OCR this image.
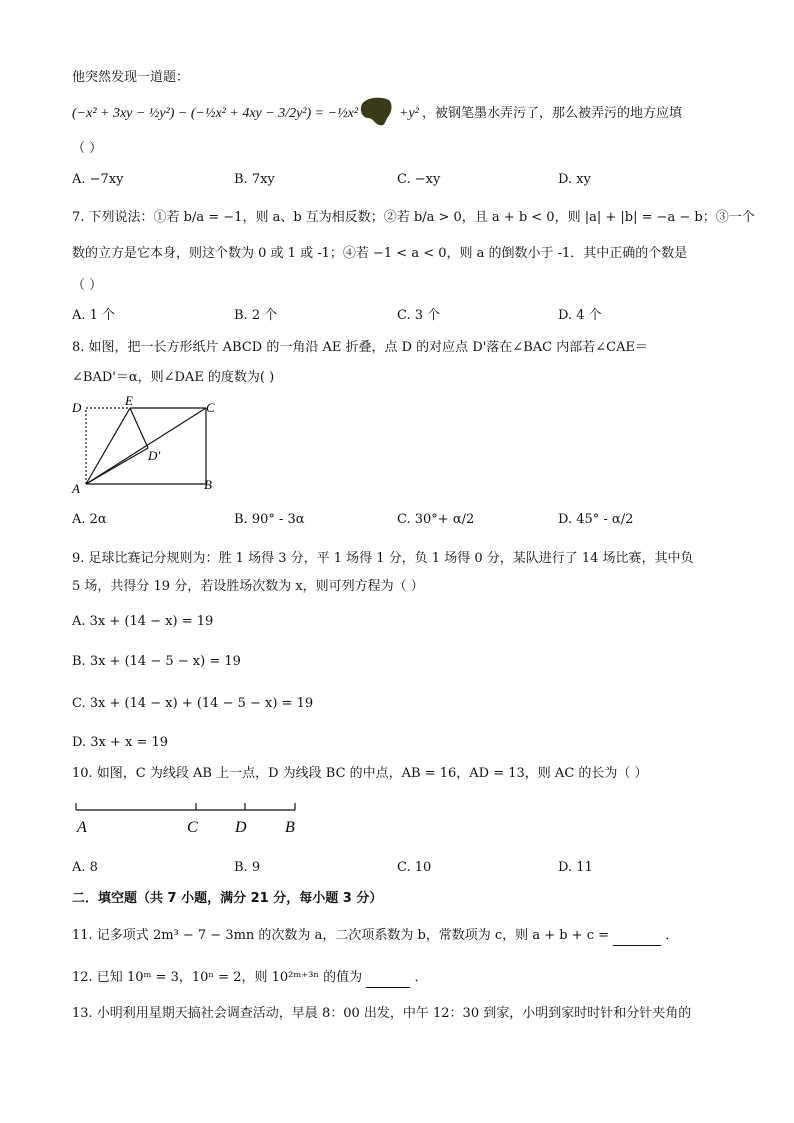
他突然发现一道题：
(−x² + 3xy − ½y²) − (−½x² + 4xy − 3/2y²) = −½x²	+y² ，被钢笔墨水弄污了，那么被弄污的地方应填
（ ）
A. −7xy	B. 7xy	C. −xy	D. xy
7. 下列说法：①若 b/a = −1，则 a、b 互为相反数；②若 b/a > 0，且 a + b < 0，则 |a| + |b| = −a − b；③一个
数的立方是它本身，则这个数为 0 或 1 或 -1；④若 −1 < a < 0，则 a 的倒数小于 -1．其中正确的个数是
（ ）
A. 1 个	B. 2 个	C. 3 个	D. 4 个
8. 如图，把一长方形纸片 ABCD 的一角沿 AE 折叠，点 D 的对应点 D'落在∠BAC 内部若∠CAE＝
∠BAD'＝α，则∠DAE 的度数为( )
D	E	C
D'
A	B
A. 2α	B. 90° - 3α	C. 30°+ α/2	D. 45° - α/2
9. 足球比赛记分规则为：胜 1 场得 3 分，平 1 场得 1 分，负 1 场得 0 分，某队进行了 14 场比赛，其中负
5 场，共得分 19 分，若设胜场次数为 x，则可列方程为（ ）
A. 3x + (14 − x) = 19
B. 3x + (14 − 5 − x) = 19
C. 3x + (14 − x) + (14 − 5 − x) = 19
D. 3x + x = 19
10. 如图，C 为线段 AB 上一点，D 为线段 BC 的中点，AB = 16，AD = 13，则 AC 的长为（ ）
A	C D B
A. 8	B. 9	C. 10	D. 11
二．填空题（共 7 小题，满分 21 分，每小题 3 分）
11. 记多项式 2m³ − 7 − 3mn 的次数为 a，二次项系数为 b，常数项为 c，则 a + b + c =	．
12. 已知 10ᵐ = 3，10ⁿ = 2，则 10²ᵐ⁺³ⁿ 的值为	．
13. 小明利用星期天搞社会调查活动，早晨 8：00 出发，中午 12：30 到家，小明到家时时针和分针夹角的
